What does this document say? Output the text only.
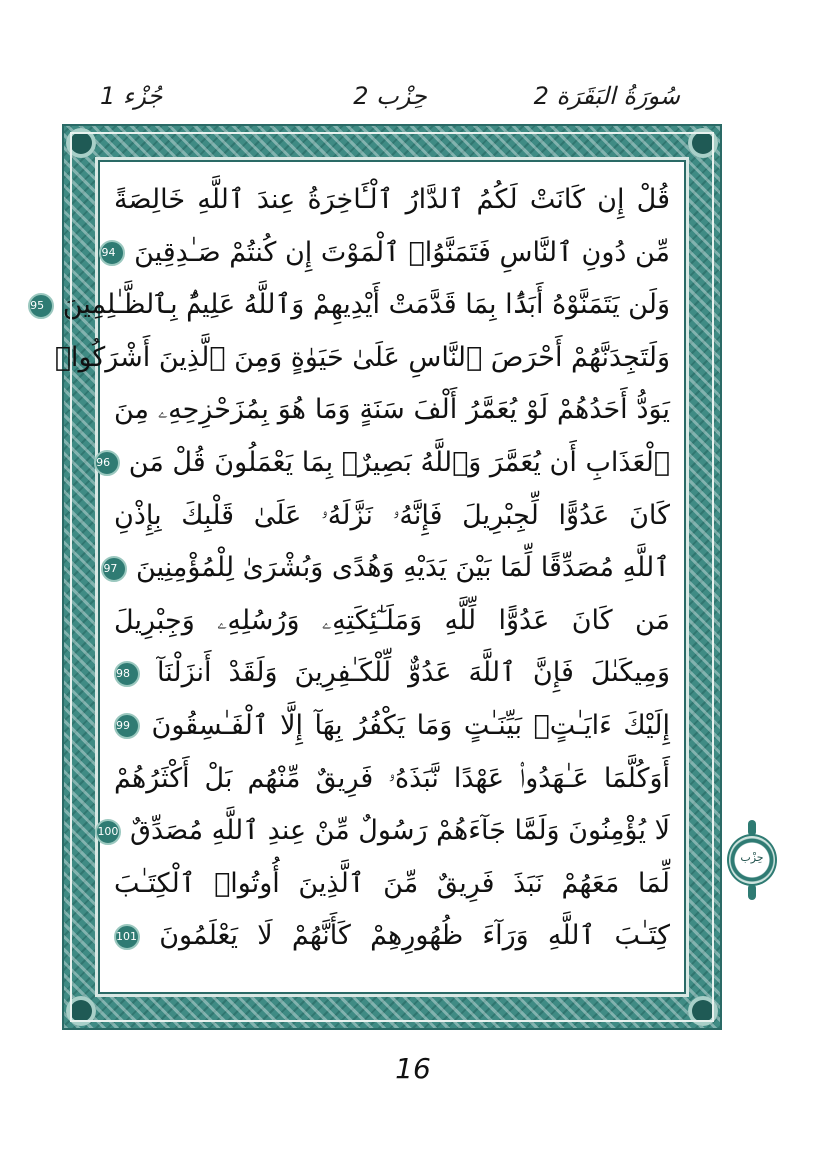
جُزْء 1	حِزْب 2	2 سُورَةُ البَقَرَة
قُلْ إِن كَانَتْ لَكُمُ ٱلدَّارُ ٱلْـَٔاخِرَةُ عِندَ ٱللَّهِ خَالِصَةً
مِّن دُونِ ٱلنَّاسِ فَتَمَنَّوُا۟ ٱلْمَوْتَ إِن كُنتُمْ صَـٰدِقِينَ 94
وَلَن يَتَمَنَّوْهُ أَبَدًۢا بِمَا قَدَّمَتْ أَيْدِيهِمْ وَٱللَّهُ عَلِيمٌۢ بِٱلظَّـٰلِمِينَ 95
وَلَتَجِدَنَّهُمْ أَحْرَصَ ٱلنَّاسِ عَلَىٰ حَيَوٰةٍ وَمِنَ ٱلَّذِينَ أَشْرَكُوا۟
يَوَدُّ أَحَدُهُمْ لَوْ يُعَمَّرُ أَلْفَ سَنَةٍ وَمَا هُوَ بِمُزَحْزِحِهِۦ مِنَ
ٱلْعَذَابِ أَن يُعَمَّرَ وَٱللَّهُ بَصِيرٌۢ بِمَا يَعْمَلُونَ قُلْ مَن 96
كَانَ عَدُوًّا لِّجِبْرِيلَ فَإِنَّهُۥ نَزَّلَهُۥ عَلَىٰ قَلْبِكَ بِإِذْنِ
ٱللَّهِ مُصَدِّقًا لِّمَا بَيْنَ يَدَيْهِ وَهُدًى وَبُشْرَىٰ لِلْمُؤْمِنِينَ 97
مَن كَانَ عَدُوًّا لِّلَّهِ وَمَلَـٰٓئِكَتِهِۦ وَرُسُلِهِۦ وَجِبْرِيلَ
وَمِيكَىٰلَ فَإِنَّ ٱللَّهَ عَدُوٌّ لِّلْكَـٰفِرِينَ وَلَقَدْ أَنزَلْنَآ 98
إِلَيْكَ ءَايَـٰتٍۭ بَيِّنَـٰتٍ وَمَا يَكْفُرُ بِهَآ إِلَّا ٱلْفَـٰسِقُونَ 99
أَوَكُلَّمَا عَـٰهَدُوا۟ عَهْدًا نَّبَذَهُۥ فَرِيقٌ مِّنْهُم بَلْ أَكْثَرُهُمْ
لَا يُؤْمِنُونَ وَلَمَّا جَآءَهُمْ رَسُولٌ مِّنْ عِندِ ٱللَّهِ مُصَدِّقٌ 100
لِّمَا مَعَهُمْ نَبَذَ فَرِيقٌ مِّنَ ٱلَّذِينَ أُوتُوا۟ ٱلْكِتَـٰبَ
كِتَـٰبَ ٱللَّهِ وَرَآءَ ظُهُورِهِمْ كَأَنَّهُمْ لَا يَعْلَمُونَ 101
حِزْب
16
